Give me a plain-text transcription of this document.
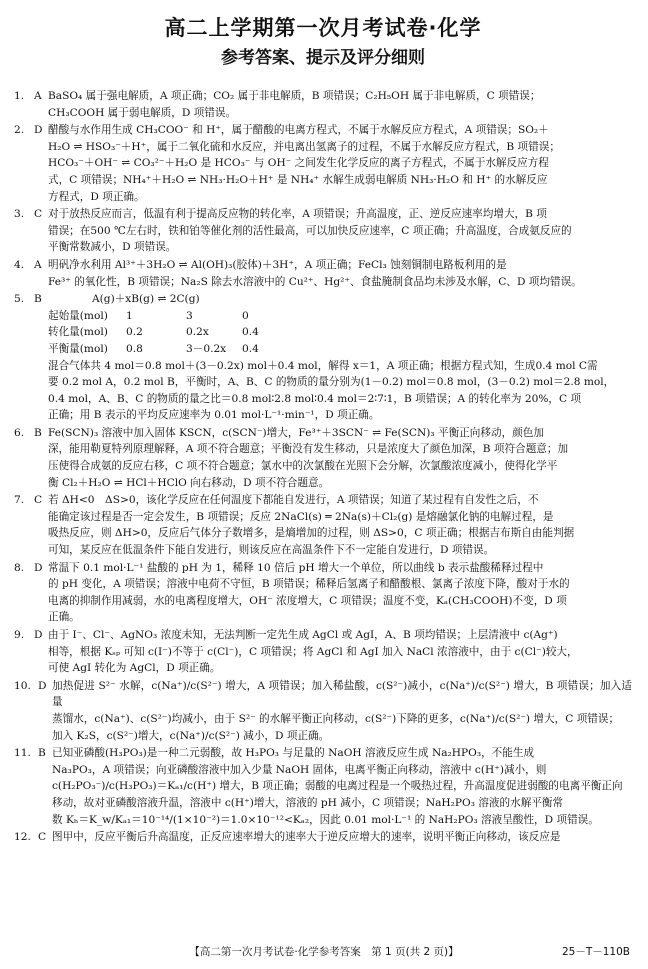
高二上学期第一次月考试卷·化学
参考答案、提示及评分细则
1. A BaSO₄ 属于强电解质，A 项正确；CO₂ 属于非电解质，B 项错误；C₂H₅OH 属于非电解质，C 项错误；

CH₃COOH 属于弱电解质，D 项错误。

2. D 醋酸与水作用生成 CH₃COO⁻ 和 H⁺，属于醋酸的电离方程式，不属于水解反应方程式，A 项错误；SO₂＋

H₂O ⇌ HSO₃⁻＋H⁺，属于二氧化硫和水反应，并电离出氢离子的过程，不属于水解反应方程式，B 项错误；

HCO₃⁻＋OH⁻ ⇌ CO₃²⁻＋H₂O 是 HCO₃⁻ 与 OH⁻ 之间发生化学反应的离子方程式，不属于水解反应方程

式，C 项错误；NH₄⁺＋H₂O ⇌ NH₃·H₂O＋H⁺ 是 NH₄⁺ 水解生成弱电解质 NH₃·H₂O 和 H⁺ 的水解反应

方程式，D 项正确。

3. C 对于放热反应而言，低温有利于提高反应物的转化率，A 项错误；升高温度，正、逆反应速率均增大，B 项

错误；在500 ℃左右时，铁和铂等催化剂的活性最高，可以加快反应速率，C 项正确；升高温度，合成氨反应的

平衡常数减小，D 项错误。

4. A 明矾净水利用 Al³⁺＋3H₂O ⇌ Al(OH)₃(胶体)＋3H⁺，A 项正确；FeCl₃ 蚀刻铜制电路板利用的是

Fe³⁺ 的氧化性，B 项错误；Na₂S 除去水溶液中的 Cu²⁺、Hg²⁺、食盐腌制食品均未涉及水解，C、D 项均错误。

5. B	A(g)＋xB(g) ⇌ 2C(g)

起始量(mol)	1	3	0
转化量(mol)	0.2	0.2x	0.4
平衡量(mol)	0.8	3－0.2x	0.4

混合气体共 4 mol＝0.8 mol＋(3－0.2x) mol＋0.4 mol，解得 x＝1，A 项正确；根据方程式知，生成0.4 mol C需

要 0.2 mol A，0.2 mol B，平衡时，A、B、C 的物质的量分别为(1－0.2) mol＝0.8 mol，(3－0.2) mol＝2.8 mol，

0.4 mol，A、B、C 的物质的量之比＝0.8 mol∶2.8 mol∶0.4 mol＝2∶7∶1，B 项错误；A 的转化率为 20%，C 项

正确；用 B 表示的平均反应速率为 0.01 mol·L⁻¹·min⁻¹，D 项正确。

6. B Fe(SCN)₃ 溶液中加入固体 KSCN，c(SCN⁻)增大，Fe³⁺＋3SCN⁻ ⇌ Fe(SCN)₃ 平衡正向移动，颜色加

深，能用勒夏特列原理解释，A 项不符合题意；平衡没有发生移动，只是浓度大了颜色加深，B 项符合题意；加

压使得合成氨的反应右移，C 项不符合题意；氯水中的次氯酸在光照下会分解，次氯酸浓度减小，使得化学平

衡 Cl₂＋H₂O ⇌ HCl＋HClO 向右移动，D 项不符合题意。

7. C 若 ΔH<0　ΔS>0，该化学反应在任何温度下都能自发进行，A 项错误；知道了某过程有自发性之后，不

能确定该过程是否一定会发生，B 项错误；反应 2NaCl(s) ═ 2Na(s)＋Cl₂(g) 是熔融氯化钠的电解过程，是

吸热反应，则 ΔH>0，反应后气体分子数增多，是熵增加的过程，则 ΔS>0，C 项正确；根据吉布斯自由能判据

可知，某反应在低温条件下能自发进行，则该反应在高温条件下不一定能自发进行，D 项错误。

8. D 常温下 0.1 mol·L⁻¹ 盐酸的 pH 为 1，稀释 10 倍后 pH 增大一个单位，所以曲线 b 表示盐酸稀释过程中

的 pH 变化，A 项错误；溶液中电荷不守恒，B 项错误；稀释后氢离子和醋酸根、氯离子浓度下降，酸对于水的

电离的抑制作用减弱，水的电离程度增大，OH⁻ 浓度增大，C 项错误；温度不变，Kₐ(CH₃COOH)不变，D 项

正确。

9. D 由于 I⁻、Cl⁻、AgNO₃ 浓度未知，无法判断一定先生成 AgCl 或 AgI，A、B 项均错误；上层清液中 c(Ag⁺)

相等，根据 Kₛₚ 可知 c(I⁻)不等于 c(Cl⁻)，C 项错误；将 AgCl 和 AgI 加入 NaCl 浓溶液中，由于 c(Cl⁻)较大，

可使 AgI 转化为 AgCl，D 项正确。

10. D 加热促进 S²⁻ 水解，c(Na⁺)/c(S²⁻) 增大，A 项错误；加入稀盐酸，c(S²⁻)减小，c(Na⁺)/c(S²⁻) 增大，B 项错误；加入适量

蒸馏水，c(Na⁺)、c(S²⁻)均减小，由于 S²⁻ 的水解平衡正向移动，c(S²⁻)下降的更多，c(Na⁺)/c(S²⁻) 增大，C 项错误；

加入 K₂S，c(S²⁻)增大，c(Na⁺)/c(S²⁻) 减小，D 项正确。

11. B 已知亚磷酸(H₃PO₃)是一种二元弱酸，故 H₃PO₃ 与足量的 NaOH 溶液反应生成 Na₂HPO₃，不能生成

Na₃PO₃，A 项错误；向亚磷酸溶液中加入少量 NaOH 固体，电离平衡正向移动，溶液中 c(H⁺)减小，则

c(H₂PO₃⁻)/c(H₃PO₃)＝Kₐ₁/c(H⁺) 增大，B 项正确；弱酸的电离过程是一个吸热过程，升高温度促进弱酸的电离平衡正向

移动，故对亚磷酸溶液升温，溶液中 c(H⁺)增大，溶液的 pH 减小，C 项错误；NaH₂PO₃ 溶液的水解平衡常

数 Kₕ＝K_w/Kₐ₁＝10⁻¹⁴/(1×10⁻²)＝1.0×10⁻¹²<Kₐ₂，因此 0.01 mol·L⁻¹ 的 NaH₂PO₃ 溶液呈酸性，D 项错误。

12. C 图甲中，反应平衡后升高温度，正反应速率增大的速率大于逆反应增大的速率，说明平衡正向移动，该反应是

【高二第一次月考试卷·化学参考答案　第 1 页(共 2 页)】	25－T－110B
